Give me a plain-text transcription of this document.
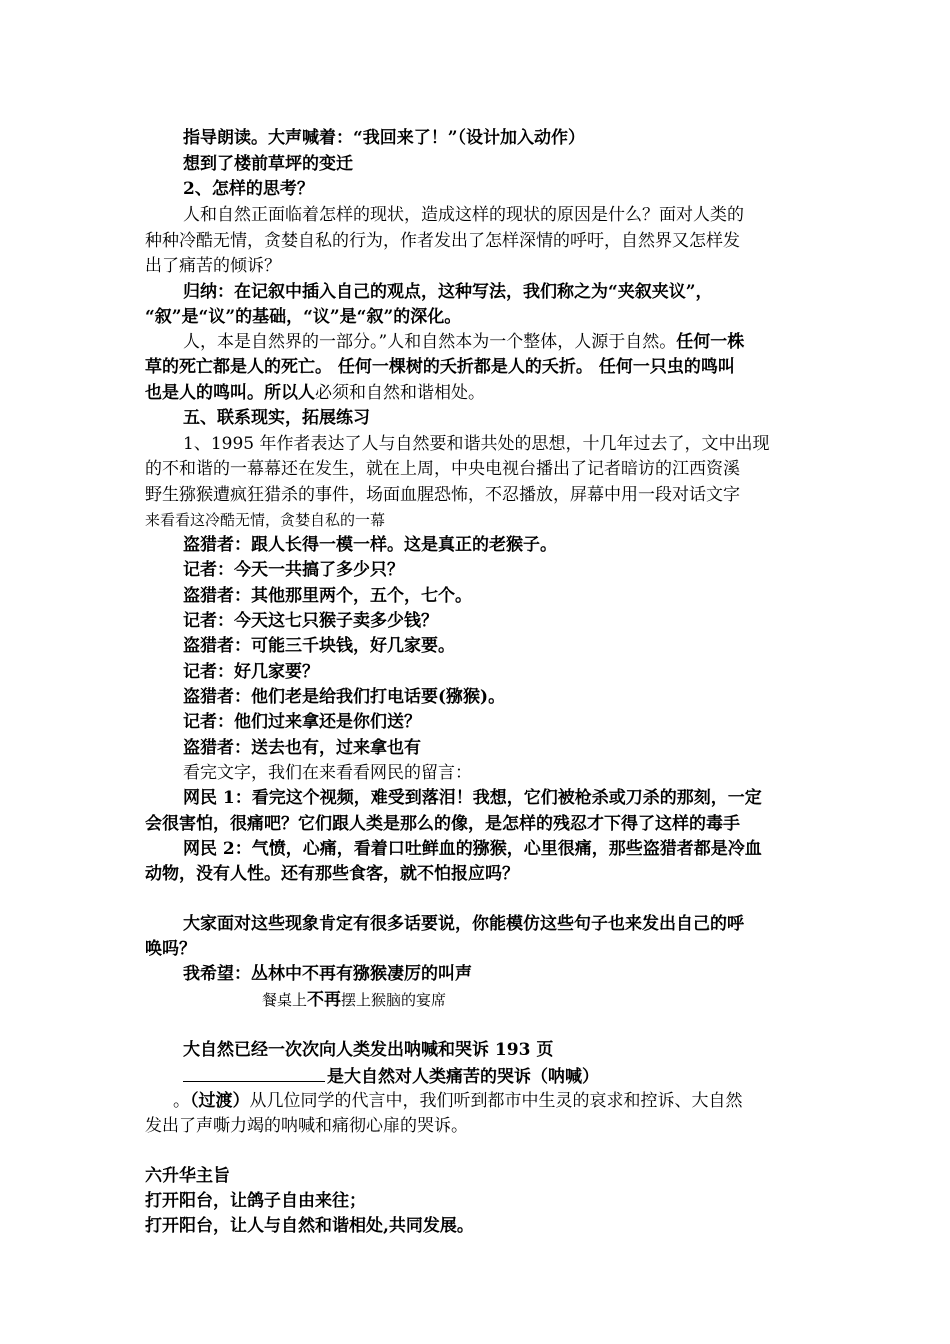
指导朗读。大声喊着：“我回来了！”（设计加入动作）
想到了楼前草坪的变迁
2、怎样的思考？
人和自然正面临着怎样的现状，造成这样的现状的原因是什么？面对人类的
种种冷酷无情，贪婪自私的行为，作者发出了怎样深情的呼吁，自然界又怎样发
出了痛苦的倾诉？
归纳：在记叙中插入自己的观点，这种写法，我们称之为“夹叙夹议”，
“叙”是“议”的基础，“议”是“叙”的深化。
人，本是自然界的一部分。”人和自然本为一个整体，人源于自然。任何一株
草的死亡都是人的死亡。 任何一棵树的夭折都是人的夭折。 任何一只虫的鸣叫
也是人的鸣叫。所以人必须和自然和谐相处。
五、联系现实，拓展练习
1、1995 年作者表达了人与自然要和谐共处的思想，十几年过去了，文中出现
的不和谐的一幕幕还在发生，就在上周，中央电视台播出了记者暗访的江西资溪
野生猕猴遭疯狂猎杀的事件，场面血腥恐怖，不忍播放，屏幕中用一段对话文字
来看看这冷酷无情，贪婪自私的一幕
盗猎者：跟人长得一模一样。这是真正的老猴子。
记者：今天一共搞了多少只？
盗猎者：其他那里两个，五个，七个。
记者：今天这七只猴子卖多少钱？
盗猎者：可能三千块钱，好几家要。
记者：好几家要？
盗猎者：他们老是给我们打电话要(猕猴)。
记者：他们过来拿还是你们送？
盗猎者：送去也有，过来拿也有
看完文字，我们在来看看网民的留言：
网民 1：看完这个视频，难受到落泪！我想，它们被枪杀或刀杀的那刻，一定
会很害怕，很痛吧？它们跟人类是那么的像，是怎样的残忍才下得了这样的毒手
网民 2：气愤，心痛，看着口吐鲜血的猕猴，心里很痛，那些盗猎者都是冷血
动物，没有人性。还有那些食客，就不怕报应吗？
大家面对这些现象肯定有很多话要说，你能模仿这些句子也来发出自己的呼
唤吗？
我希望：丛林中不再有猕猴凄厉的叫声
餐桌上不再摆上猴脑的宴席
大自然已经一次次向人类发出呐喊和哭诉 193 页
是大自然对人类痛苦的哭诉（呐喊）
。（过渡）从几位同学的代言中，我们听到都市中生灵的哀求和控诉、大自然
发出了声嘶力竭的呐喊和痛彻心扉的哭诉。
六升华主旨
打开阳台，让鸽子自由来往；
打开阳台，让人与自然和谐相处,共同发展。
